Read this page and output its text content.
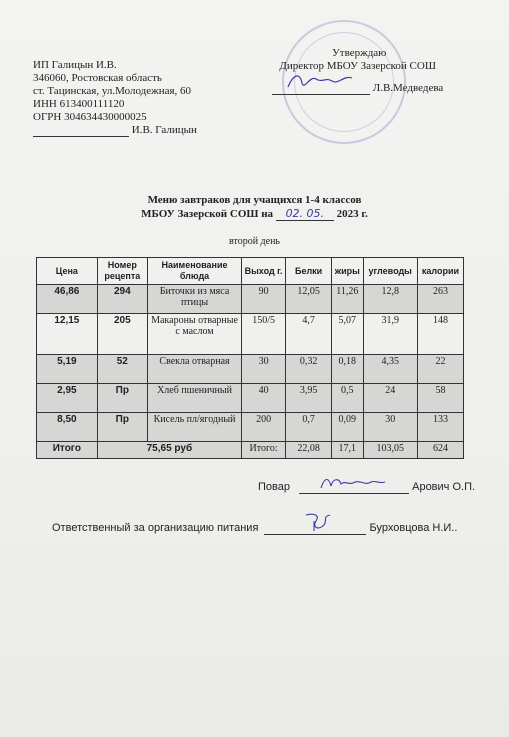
ИП Галицын И.В.
346060, Ростовская область
ст. Тацинская, ул.Молодежная, 60
ИНН 613400111120
ОГРН 304634430000025
И.В. Галицын
Утверждаю
Директор МБОУ Зазерской СОШ
Л.В.Медведева
Меню завтраков для учащихся 1-4 классов
МБОУ Зазерской СОШ на 02. 05. 2023 г.
второй день
Цена	Номер рецепта	Наименование блюда	Выход г.	Белки	жиры	углеводы	калории
46,86	294	Биточки из мяса птицы	90	12,05	11,26	12,8	263
12,15	205	Макароны отварные с маслом	150/5	4,7	5,07	31,9	148
5,19	52	Свекла отварная	30	0,32	0,18	4,35	22
2,95	Пр	Хлеб пшеничный	40	3,95	0,5	24	58
8,50	Пр	Кисель пл/ягодный	200	0,7	0,09	30	133
Итого	75,65 руб		Итого:	22,08	17,1	103,05	624
Повар	Арович О.П.
Ответственный за организацию питания	Бурховцова Н.И..
